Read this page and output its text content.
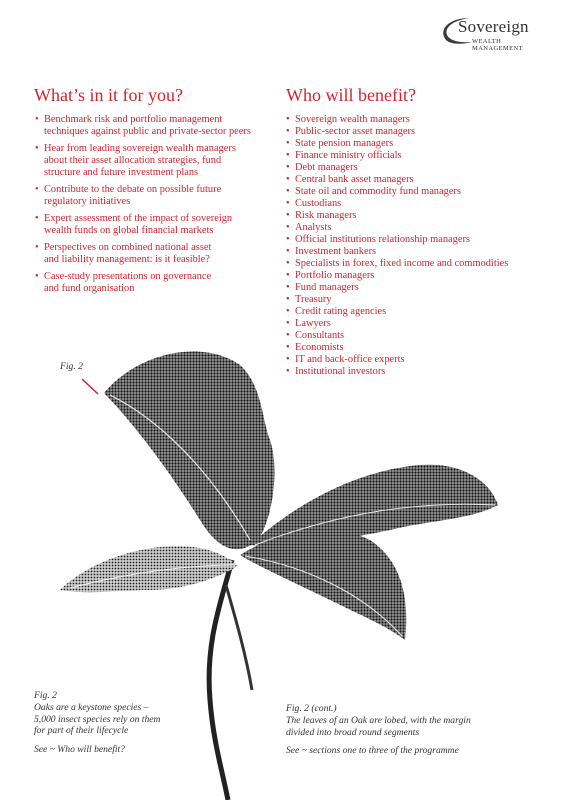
Sovereign
WEALTH MANAGEMENT
What’s in it for you?	Who will benefit?
• Benchmark risk and portfolio management
techniques against public and private-sector peers
• Hear from leading sovereign wealth managers
about their asset allocation strategies, fund
structure and future investment plans
• Contribute to the debate on possible future
regulatory initiatives
• Expert assessment of the impact of sovereign
wealth funds on global financial markets
• Perspectives on combined national asset
and liability management: is it feasible?
• Case-study presentations on governance
and fund organisation
• Sovereign wealth managers
• Public-sector asset managers
• State pension managers
• Finance ministry officials
• Debt managers
• Central bank asset managers
• State oil and commodity fund managers
• Custodians
• Risk managers
• Analysts
• Official institutions relationship managers
• Investment bankers
• Specialists in forex, fixed income and commodities
• Portfolio managers
• Fund managers
• Treasury
• Credit rating agencies
• Lawyers
• Consultants
• Economists
• IT and back-office experts
• Institutional investors
Fig. 2
Fig. 2
Oaks are a keystone species –
5,000 insect species rely on them
for part of their lifecycle
See ~ Who will benefit?
Fig. 2 (cont.)
The leaves of an Oak are lobed, with the margin
divided into broad round segments
See ~ sections one to three of the programme
